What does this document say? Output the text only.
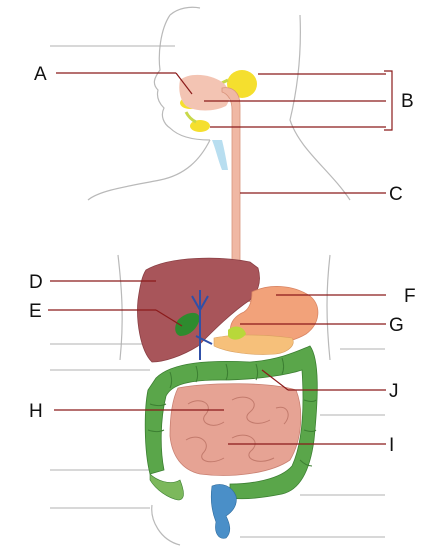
A
B
C
D
E
F
G
H
I
J
